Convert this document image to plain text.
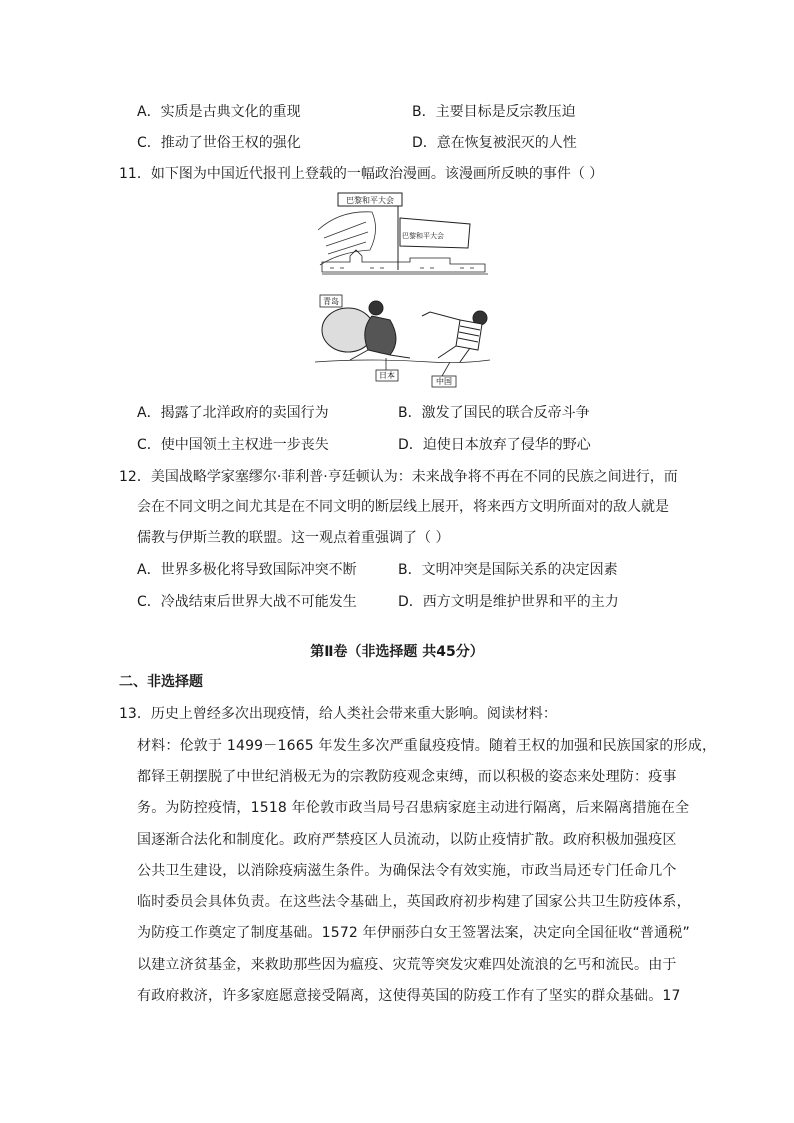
A．实质是古典文化的重现	B．主要目标是反宗教压迫
C．推动了世俗王权的强化	D．意在恢复被泯灭的人性
11．如下图为中国近代报刊上登载的一幅政治漫画。该漫画所反映的事件（ ）
巴黎和平大会
巴黎和平大会
青岛
日本
中国
A．揭露了北洋政府的卖国行为	B．激发了国民的联合反帝斗争
C．使中国领土主权进一步丧失	D．迫使日本放弃了侵华的野心
12．美国战略学家塞缪尔·菲利普·亨廷顿认为：未来战争将不再在不同的民族之间进行，而
会在不同文明之间尤其是在不同文明的断层线上展开，将来西方文明所面对的敌人就是
儒教与伊斯兰教的联盟。这一观点着重强调了（ ）
A．世界多极化将导致国际冲突不断	B．文明冲突是国际关系的决定因素
C．冷战结束后世界大战不可能发生	D．西方文明是维护世界和平的主力
第Ⅱ卷（非选择题 共45分）
二、非选择题
13．历史上曾经多次出现疫情，给人类社会带来重大影响。阅读材料：
材料：伦敦于 1499－1665 年发生多次严重鼠疫疫情。随着王权的加强和民族国家的形成，
都铎王朝摆脱了中世纪消极无为的宗教防疫观念束缚，而以积极的姿态来处理防：疫事
务。为防控疫情，1518 年伦敦市政当局号召患病家庭主动进行隔离，后来隔离措施在全
国逐渐合法化和制度化。政府严禁疫区人员流动，以防止疫情扩散。政府积极加强疫区
公共卫生建设，以消除疫病滋生条件。为确保法令有效实施，市政当局还专门任命几个
临时委员会具体负责。在这些法令基础上，英国政府初步构建了国家公共卫生防疫体系，
为防疫工作奠定了制度基础。1572 年伊丽莎白女王签署法案，决定向全国征收“普通税”
以建立济贫基金，来救助那些因为瘟疫、灾荒等突发灾难四处流浪的乞丐和流民。由于
有政府救济，许多家庭愿意接受隔离，这使得英国的防疫工作有了坚实的群众基础。17
